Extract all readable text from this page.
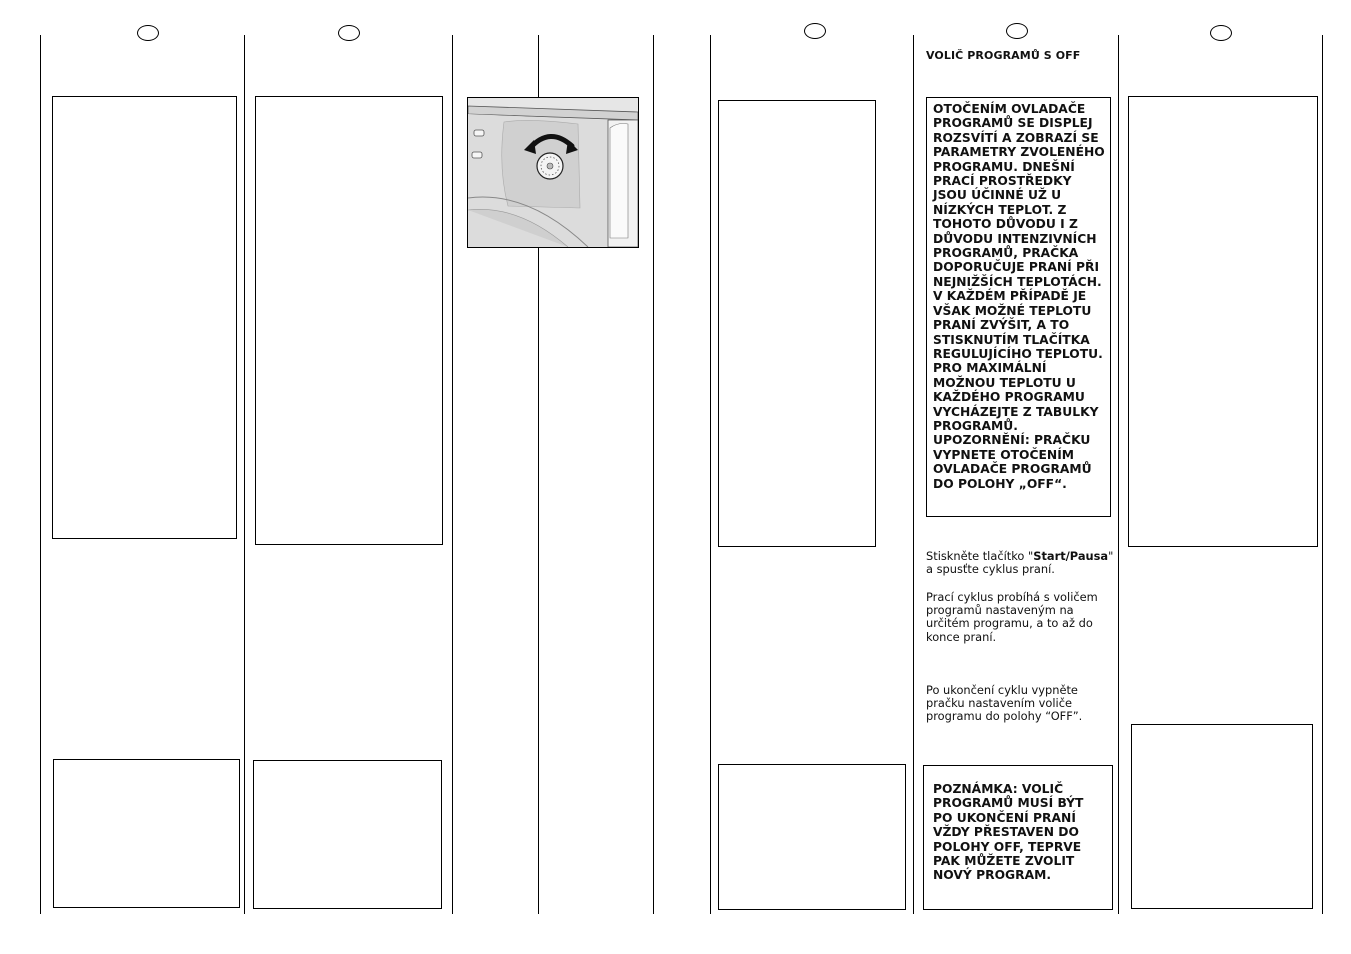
VOLIČ PROGRAMŮ S OFF
OTOČENÍM OVLADAČE PROGRAMŮ SE DISPLEJ ROZSVÍTÍ A ZOBRAZÍ SE PARAMETRY ZVOLENÉHO PROGRAMU. DNEŠNÍ PRACÍ PROSTŘEDKY JSOU ÚČINNÉ UŽ U NÍZKÝCH TEPLOT. Z TOHOTO DŮVODU I Z DŮVODU INTENZIVNÍCH PROGRAMŮ, PRAČKA DOPORUČUJE PRANÍ PŘI NEJNIŽŠÍCH TEPLOTÁCH. V KAŽDÉM PŘÍPADĚ JE VŠAK MOŽNÉ TEPLOTU PRANÍ ZVÝŠIT, A TO STISKNUTÍM TLAČÍTKA REGULUJÍCÍHO TEPLOTU. PRO MAXIMÁLNÍ MOŽNOU TEPLOTU U KAŽDÉHO PROGRAMU VYCHÁZEJTE Z TABULKY PROGRAMŮ. UPOZORNĚNÍ: PRAČKU VYPNETE OTOČENÍM OVLADAČE PROGRAMŮ DO POLOHY „OFF“.
Stiskněte tlačítko "Start/Pausa" a spusťte cyklus praní.
Prací cyklus probíhá s voličem programů nastaveným na určitém programu, a to až do konce praní.
Po ukončení cyklu vypněte pračku nastavením voliče programu do polohy “OFF”.
POZNÁMKA: VOLIČ PROGRAMŮ MUSÍ BÝT PO UKONČENÍ PRANÍ VŽDY PŘESTAVEN DO POLOHY OFF, TEPRVE PAK MŮŽETE ZVOLIT NOVÝ PROGRAM.
